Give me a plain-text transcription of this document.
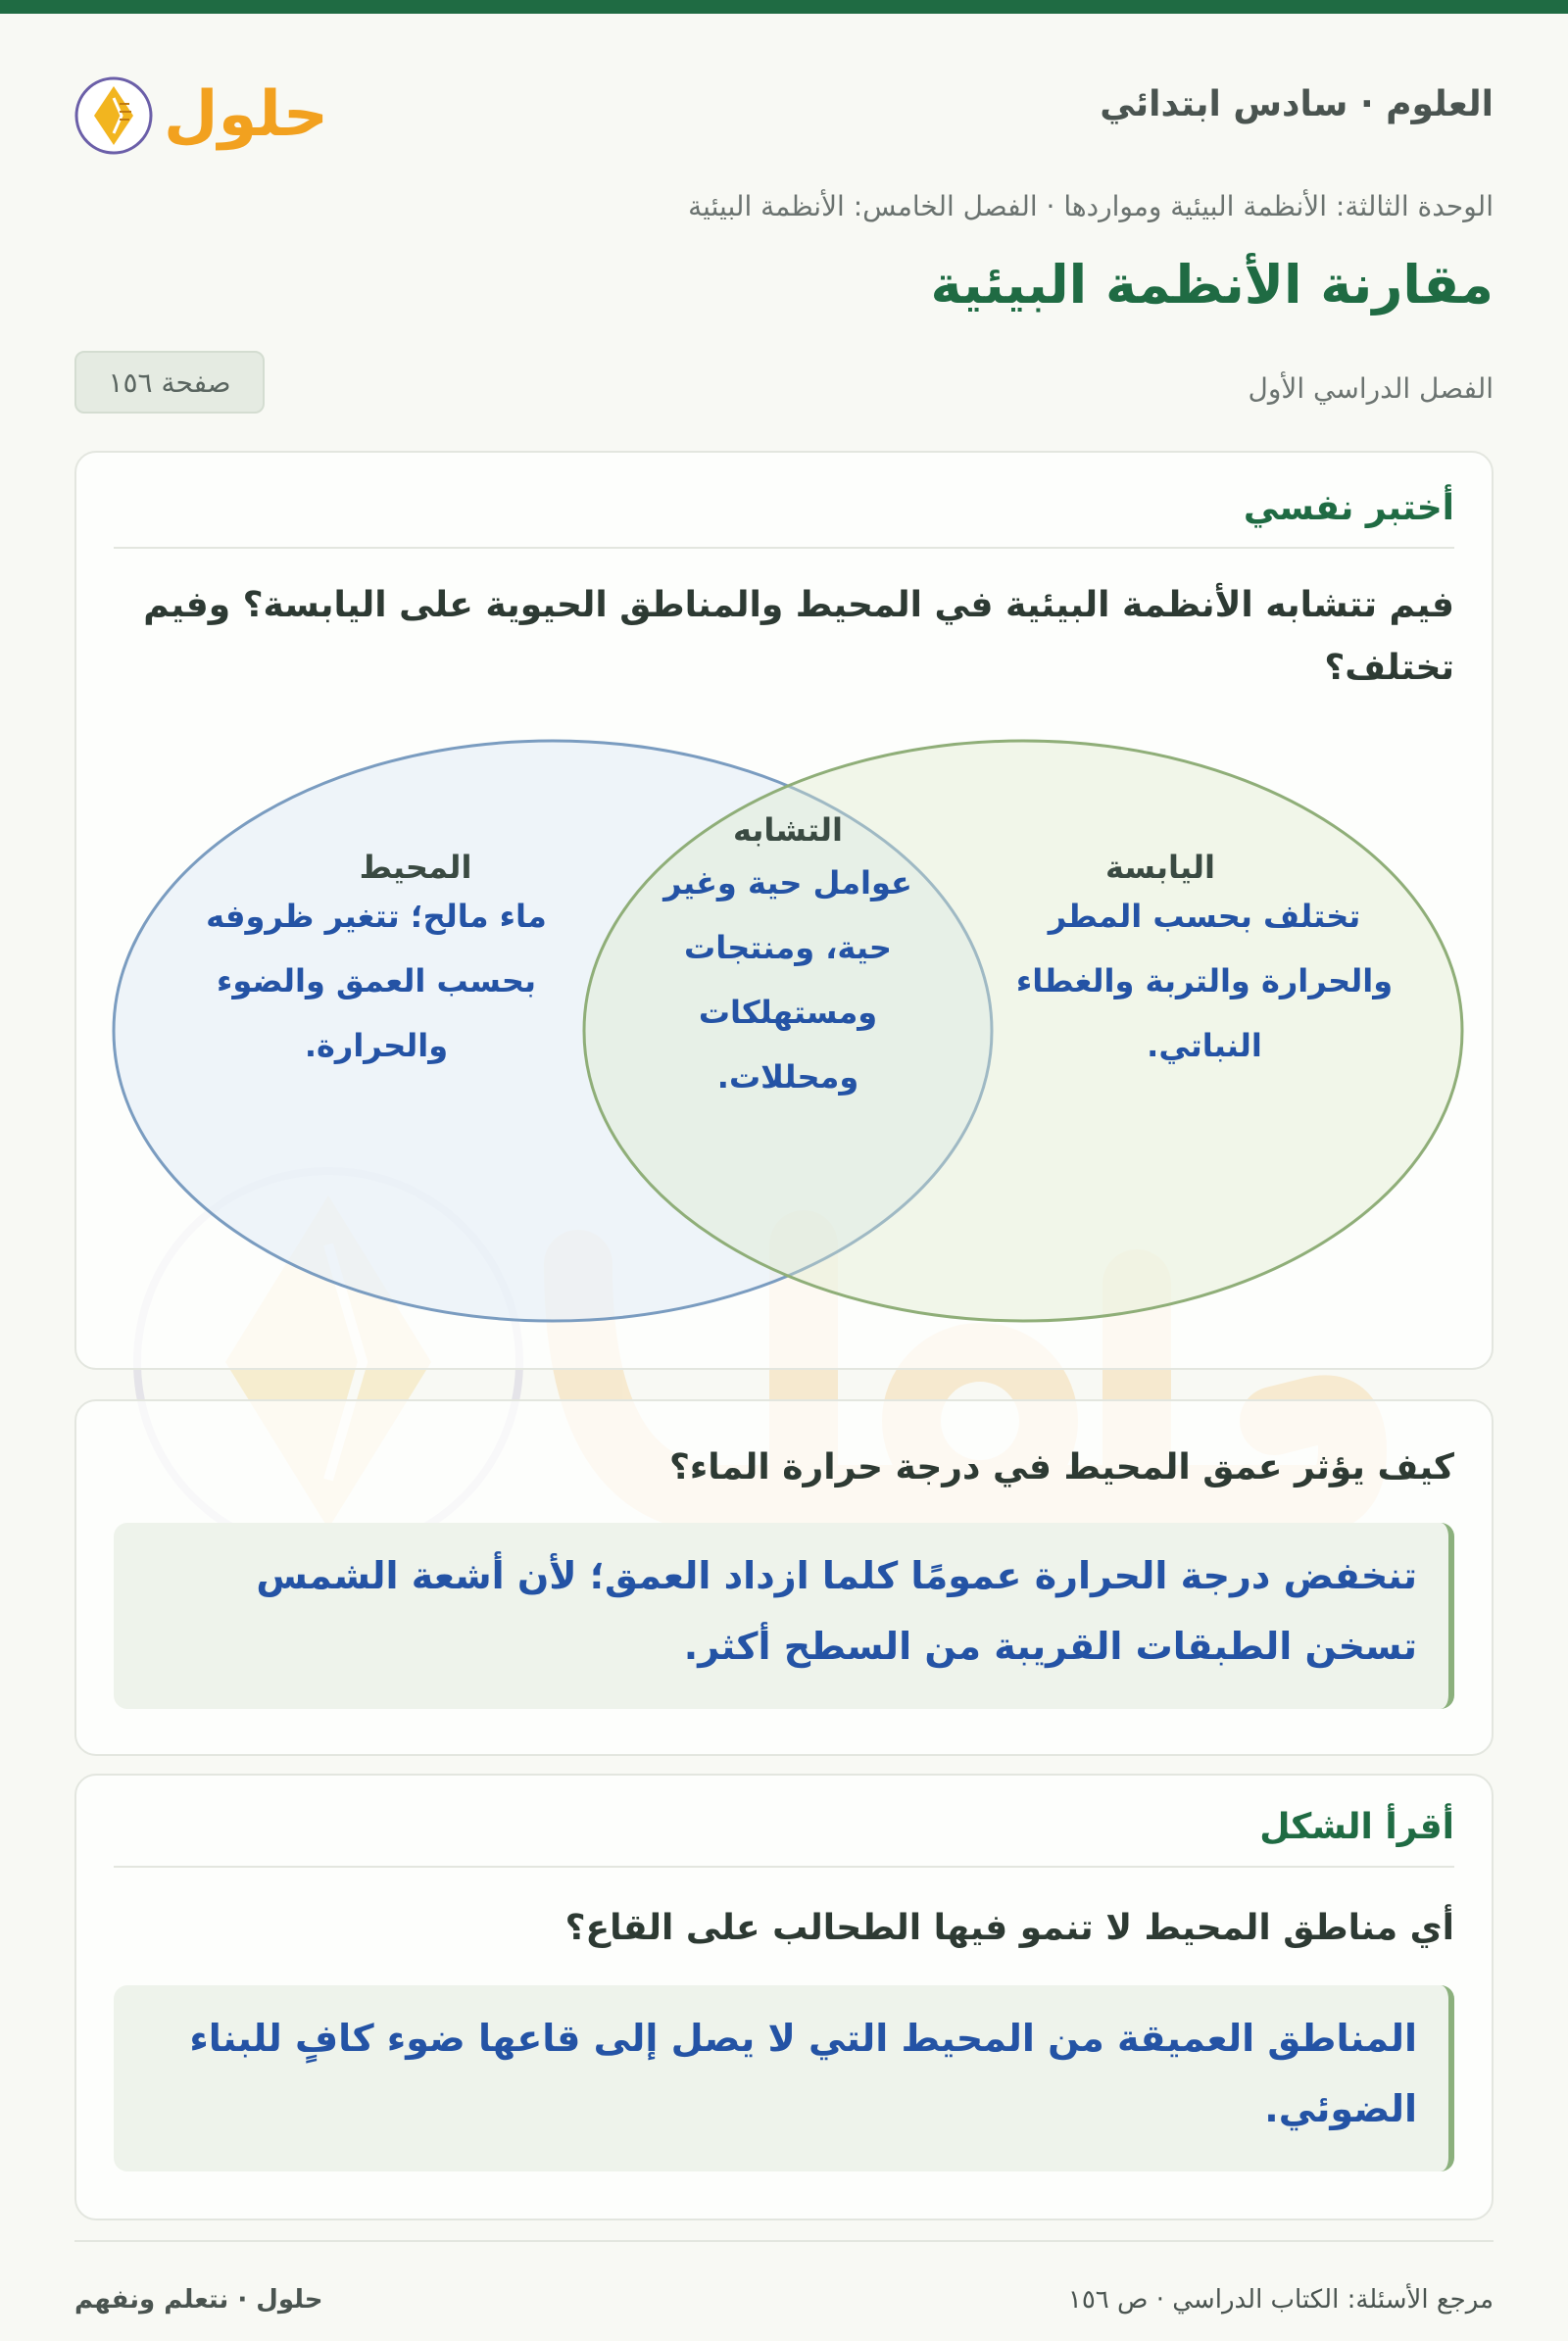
العلوم · سادس ابتدائي
حلول
الوحدة الثالثة: الأنظمة البيئية ومواردها · الفصل الخامس: الأنظمة البيئية
مقارنة الأنظمة البيئية
الفصل الدراسي الأول
صفحة ١٥٦
أختبر نفسي
فيم تتشابه الأنظمة البيئية في المحيط والمناطق الحيوية على اليابسة؟ وفيم تختلف؟
المحيط
ماء مالح؛ تتغير ظروفه بحسب العمق والضوء والحرارة.
التشابه
عوامل حية وغير حية، ومنتجات ومستهلكات ومحللات.
اليابسة
تختلف بحسب المطر والحرارة والتربة والغطاء النباتي.
كيف يؤثر عمق المحيط في درجة حرارة الماء؟
تنخفض درجة الحرارة عمومًا كلما ازداد العمق؛ لأن أشعة الشمس تسخن الطبقات القريبة من السطح أكثر.
أقرأ الشكل
أي مناطق المحيط لا تنمو فيها الطحالب على القاع؟
المناطق العميقة من المحيط التي لا يصل إلى قاعها ضوء كافٍ للبناء الضوئي.
مرجع الأسئلة: الكتاب الدراسي · ص ١٥٦
حلول · نتعلم ونفهم
